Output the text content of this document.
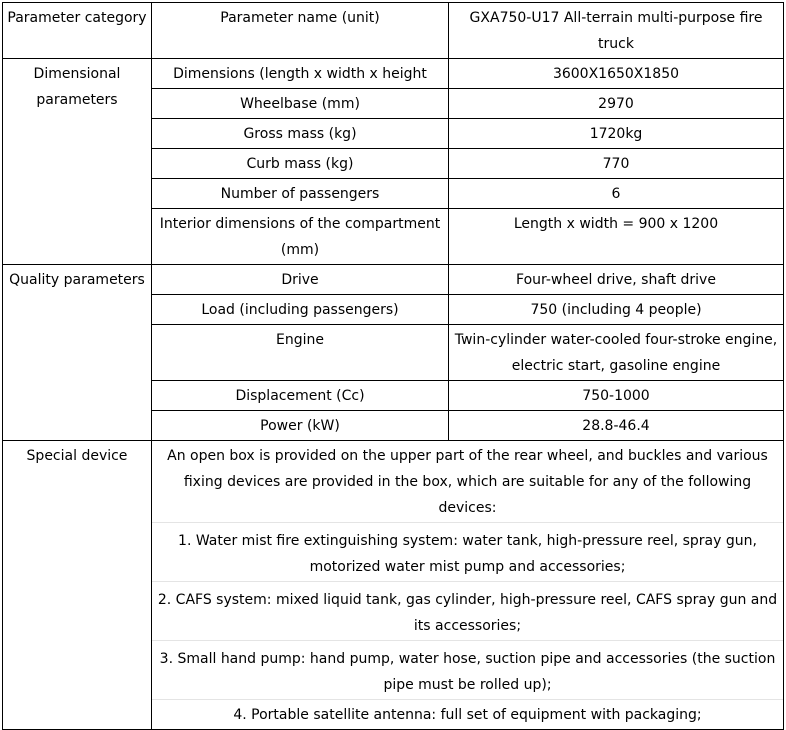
Parameter category	Parameter name (unit)	GXA750-U17 All-terrain multi-purpose fire truck
Dimensional parameters	Dimensions (length x width x height	3600X1650X1850
	Wheelbase (mm)	2970
	Gross mass (kg)	1720kg
	Curb mass (kg)	770
	Number of passengers	6
	Interior dimensions of the compartment (mm)	Length x width = 900 x 1200
Quality parameters	Drive	Four-wheel drive, shaft drive
	Load (including passengers)	750 (including 4 people)
	Engine	Twin-cylinder water-cooled four-stroke engine, electric start, gasoline engine
	Displacement (Cc)	750-1000
	Power (kW)	28.8-46.4
Special device	An open box is provided on the upper part of the rear wheel, and buckles and various fixing devices are provided in the box, which are suitable for any of the following devices:	
	1. Water mist fire extinguishing system: water tank, high-pressure reel, spray gun, motorized water mist pump and accessories;	
	2. CAFS system: mixed liquid tank, gas cylinder, high-pressure reel, CAFS spray gun and its accessories;	
	3. Small hand pump: hand pump, water hose, suction pipe and accessories (the suction pipe must be rolled up);	
	4. Portable satellite antenna: full set of equipment with packaging;	
